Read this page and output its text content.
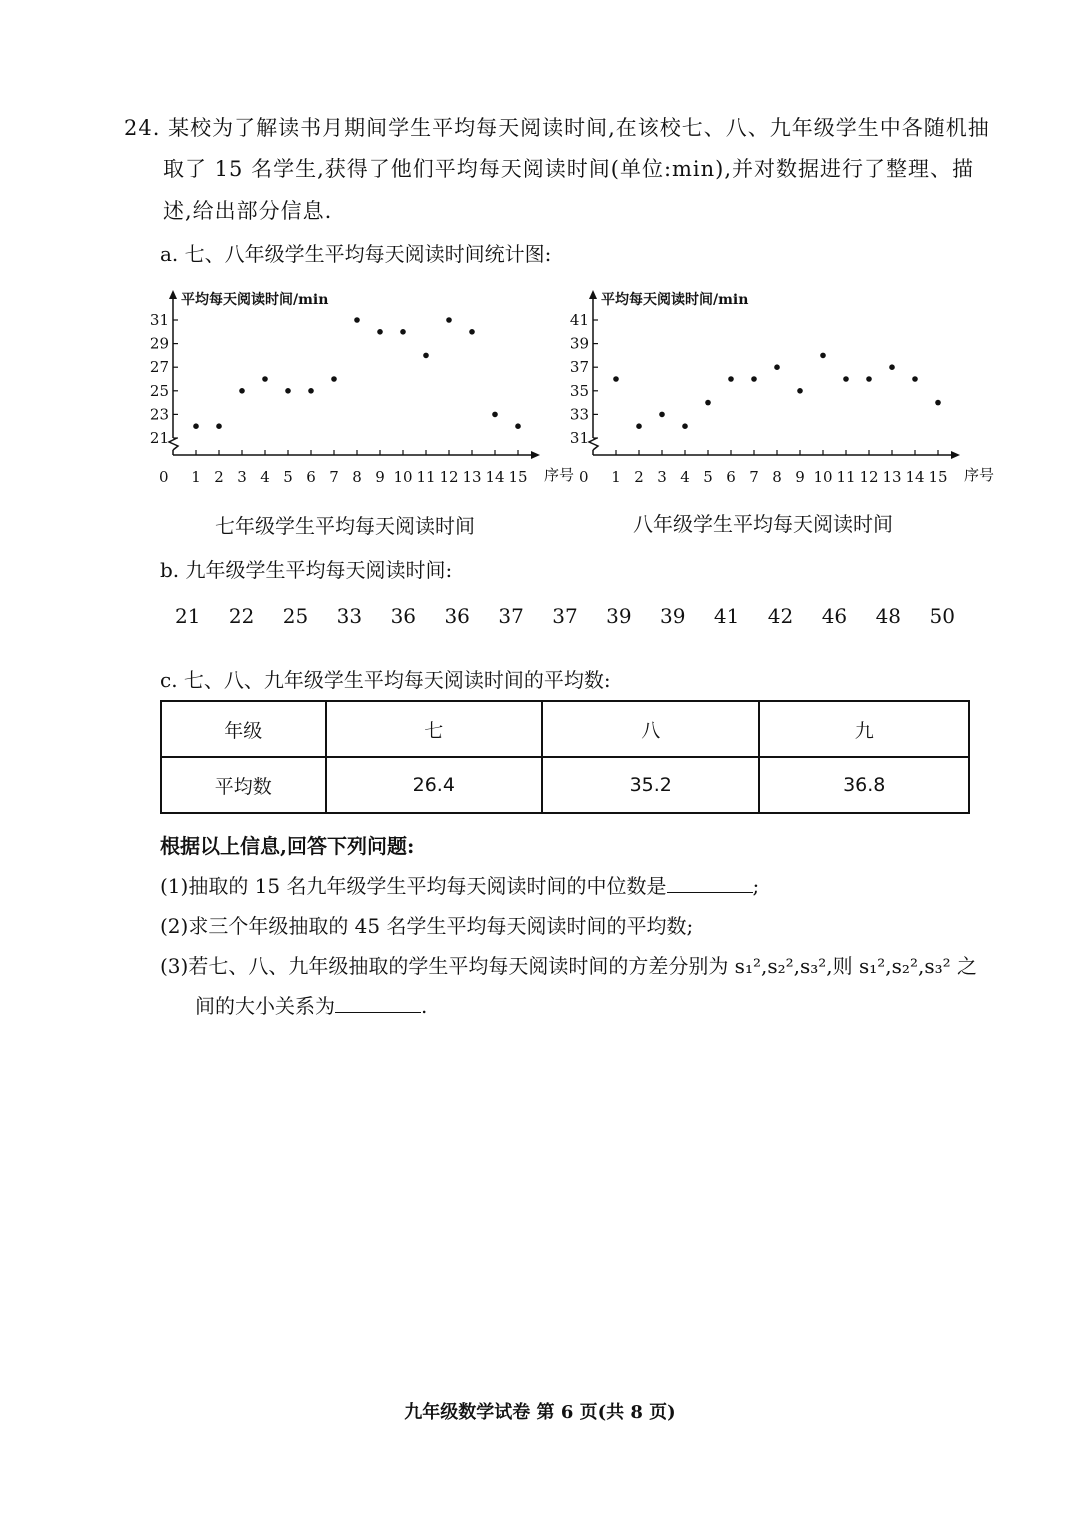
24. 某校为了解读书月期间学生平均每天阅读时间,在该校七、八、九年级学生中各随机抽
取了 15 名学生,获得了他们平均每天阅读时间(单位:min),并对数据进行了整理、描
述,给出部分信息.
a. 七、八年级学生平均每天阅读时间统计图:
平均每天阅读时间/min
序号
0
21
23
25
27
29
31
1 2 3 4 5 6 7 8 9 10 11 12 13 14 15
平均每天阅读时间/min
序号
0
31
33
35
37
39
41
1 2 3 4 5 6 7 8 9 10 11 12 13 14 15
七年级学生平均每天阅读时间	八年级学生平均每天阅读时间
b. 九年级学生平均每天阅读时间:
21 22 25 33 36 36 37 37 39 39 41 42 46 48 50
c. 七、八、九年级学生平均每天阅读时间的平均数:
年级	七	八	九
平均数	26.4	35.2	36.8
根据以上信息,回答下列问题:
(1)抽取的 15 名九年级学生平均每天阅读时间的中位数是	;
(2)求三个年级抽取的 45 名学生平均每天阅读时间的平均数;
(3)若七、八、九年级抽取的学生平均每天阅读时间的方差分别为 s₁²,s₂²,s₃²,则 s₁²,s₂²,s₃² 之
间的大小关系为	.
九年级数学试卷 第 6 页(共 8 页)
